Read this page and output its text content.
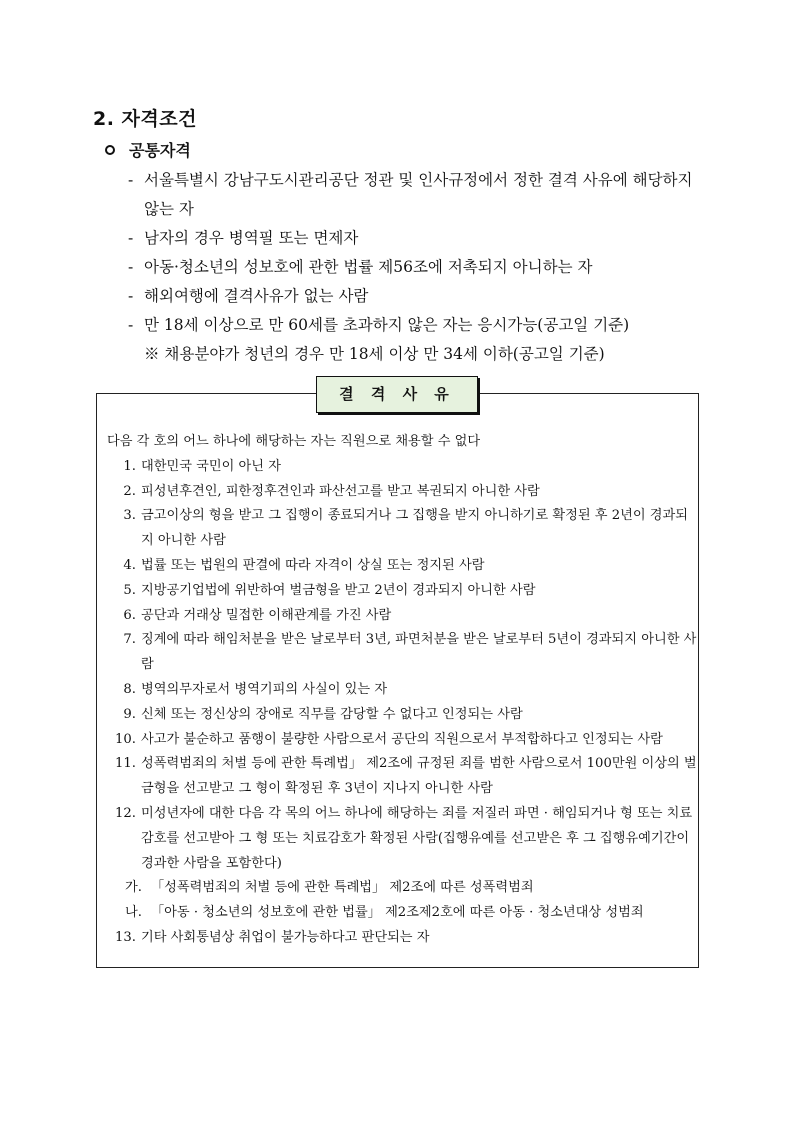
2. 자격조건
공통자격
- 서울특별시 강남구도시관리공단 정관 및 인사규정에서 정한 결격 사유에 해당하지 않는 자
- 남자의 경우 병역필 또는 면제자
- 아동·청소년의 성보호에 관한 법률 제56조에 저촉되지 아니하는 자
- 해외여행에 결격사유가 없는 사람
- 만 18세 이상으로 만 60세를 초과하지 않은 자는 응시가능(공고일 기준)
※ 채용분야가 청년의 경우 만 18세 이상 만 34세 이하(공고일 기준)
결 격 사 유
다음 각 호의 어느 하나에 해당하는 자는 직원으로 채용할 수 없다
1. 대한민국 국민이 아닌 자
2. 피성년후견인, 피한정후견인과 파산선고를 받고 복권되지 아니한 사람
3. 금고이상의 형을 받고 그 집행이 종료되거나 그 집행을 받지 아니하기로 확정된 후 2년이 경과되지 아니한 사람
4. 법률 또는 법원의 판결에 따라 자격이 상실 또는 정지된 사람
5. 지방공기업법에 위반하여 벌금형을 받고 2년이 경과되지 아니한 사람
6. 공단과 거래상 밀접한 이해관계를 가진 사람
7. 징계에 따라 해임처분을 받은 날로부터 3년, 파면처분을 받은 날로부터 5년이 경과되지 아니한 사람
8. 병역의무자로서 병역기피의 사실이 있는 자
9. 신체 또는 정신상의 장애로 직무를 감당할 수 없다고 인정되는 사람
10. 사고가 불순하고 품행이 불량한 사람으로서 공단의 직원으로서 부적합하다고 인정되는 사람
11. 성폭력범죄의 처벌 등에 관한 특례법」 제2조에 규정된 죄를 범한 사람으로서 100만원 이상의 벌금형을 선고받고 그 형이 확정된 후 3년이 지나지 아니한 사람
12. 미성년자에 대한 다음 각 목의 어느 하나에 해당하는 죄를 저질러 파면 · 해임되거나 형 또는 치료감호를 선고받아 그 형 또는 치료감호가 확정된 사람(집행유예를 선고받은 후 그 집행유예기간이 경과한 사람을 포함한다)
가. 「성폭력범죄의 처벌 등에 관한 특례법」 제2조에 따른 성폭력범죄
나. 「아동 · 청소년의 성보호에 관한 법률」 제2조제2호에 따른 아동 · 청소년대상 성범죄
13. 기타 사회통념상 취업이 불가능하다고 판단되는 자
